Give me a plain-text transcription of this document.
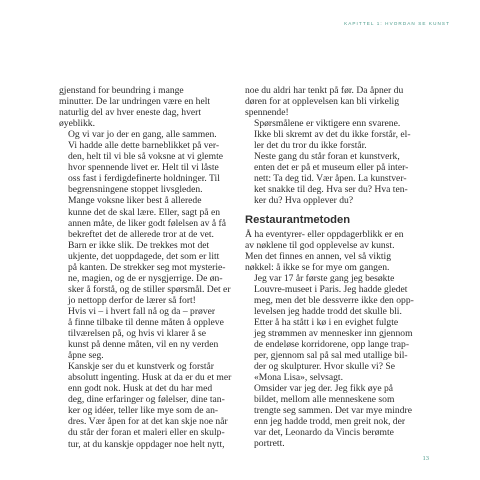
KAPITTEL 1: HVORDAN SE KUNST

gjenstand for beundring i mange
minutter. De lar undringen være en helt
naturlig del av hver eneste dag, hvert
øyeblikk.

Og vi var jo der en gang, alle sammen.
Vi hadde alle dette barneblikket på ver-
den, helt til vi ble så voksne at vi glemte
hvor spennende livet er. Helt til vi låste
oss fast i ferdigdefinerte holdninger. Til
begrensningene stoppet livsgleden.

Mange voksne liker best å allerede
kunne det de skal lære. Eller, sagt på en
annen måte, de liker godt følelsen av å få
bekreftet det de allerede tror at de vet.

Barn er ikke slik. De trekkes mot det
ukjente, det uoppdagede, det som er litt
på kanten. De strekker seg mot mysterie-
ne, magien, og de er nysgjerrige. De øn-
sker å forstå, og de stiller spørsmål. Det er
jo nettopp derfor de lærer så fort!

Hvis vi – i hvert fall nå og da – prøver
å finne tilbake til denne måten å oppleve
tilværelsen på, og hvis vi klarer å se
kunst på denne måten, vil en ny verden
åpne seg.

Kanskje ser du et kunstverk og forstår
absolutt ingenting. Husk at da er du et mer
enn godt nok. Husk at det du har med
deg, dine erfaringer og følelser, dine tan-
ker og idéer, teller like mye som de an-
dres. Vær åpen for at det kan skje noe når
du står der foran et maleri eller en skulp-
tur, at du kanskje oppdager noe helt nytt,

noe du aldri har tenkt på før. Da åpner du
døren for at opplevelsen kan bli virkelig
spennende!

Spørsmålene er viktigere enn svarene.
Ikke bli skremt av det du ikke forstår, el-
ler det du tror du ikke forstår.

Neste gang du står foran et kunstverk,
enten det er på et museum eller på inter-
nett: Ta deg tid. Vær åpen. La kunstver-
ket snakke til deg. Hva ser du? Hva ten-
ker du? Hva opplever du?

Restaurantmetoden

Å ha eventyrer- eller oppdagerblikk er en
av nøklene til god opplevelse av kunst.
Men det finnes en annen, vel så viktig
nøkkel: å ikke se for mye om gangen.

Jeg var 17 år første gang jeg besøkte
Louvre-museet i Paris. Jeg hadde gledet
meg, men det ble dessverre ikke den opp-
levelsen jeg hadde trodd det skulle bli.

Etter å ha stått i kø i en evighet fulgte
jeg strømmen av mennesker inn gjennom
de endeløse korridorene, opp lange trap-
per, gjennom sal på sal med utallige bil-
der og skulpturer. Hvor skulle vi? Se
«Mona Lisa», selvsagt.

Omsider var jeg der. Jeg fikk øye på
bildet, mellom alle menneskene som
trengte seg sammen. Det var mye mindre
enn jeg hadde trodd, men greit nok, der
var det, Leonardo da Vincis berømte
portrett.

13
